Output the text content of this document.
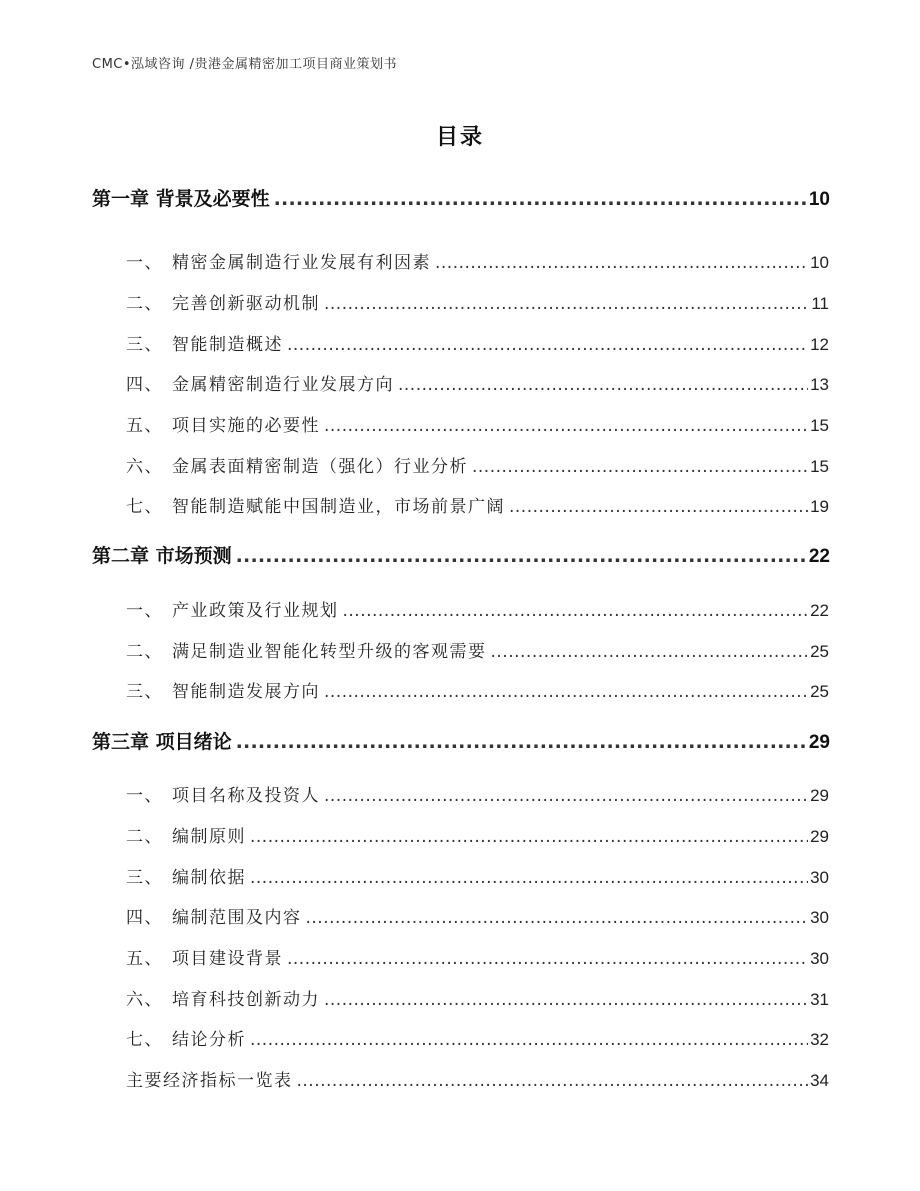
CMC•泓域咨询 /贵港金属精密加工项目商业策划书
目录
第一章 背景及必要性 .....	10
一、 精密金属制造行业发展有利因素 .....	10
二、 完善创新驱动机制 .....	11
三、 智能制造概述 .....	12
四、 金属精密制造行业发展方向 .....	13
五、 项目实施的必要性 .....	15
六、 金属表面精密制造（强化）行业分析 .....	15
七、 智能制造赋能中国制造业，市场前景广阔 .....	19
第二章 市场预测 .....	22
一、 产业政策及行业规划 .....	22
二、 满足制造业智能化转型升级的客观需要 .....	25
三、 智能制造发展方向 .....	25
第三章 项目绪论 .....	29
一、 项目名称及投资人 .....	29
二、 编制原则 .....	29
三、 编制依据 .....	30
四、 编制范围及内容 .....	30
五、 项目建设背景 .....	30
六、 培育科技创新动力 .....	31
七、 结论分析 .....	32
主要经济指标一览表 .....	34
